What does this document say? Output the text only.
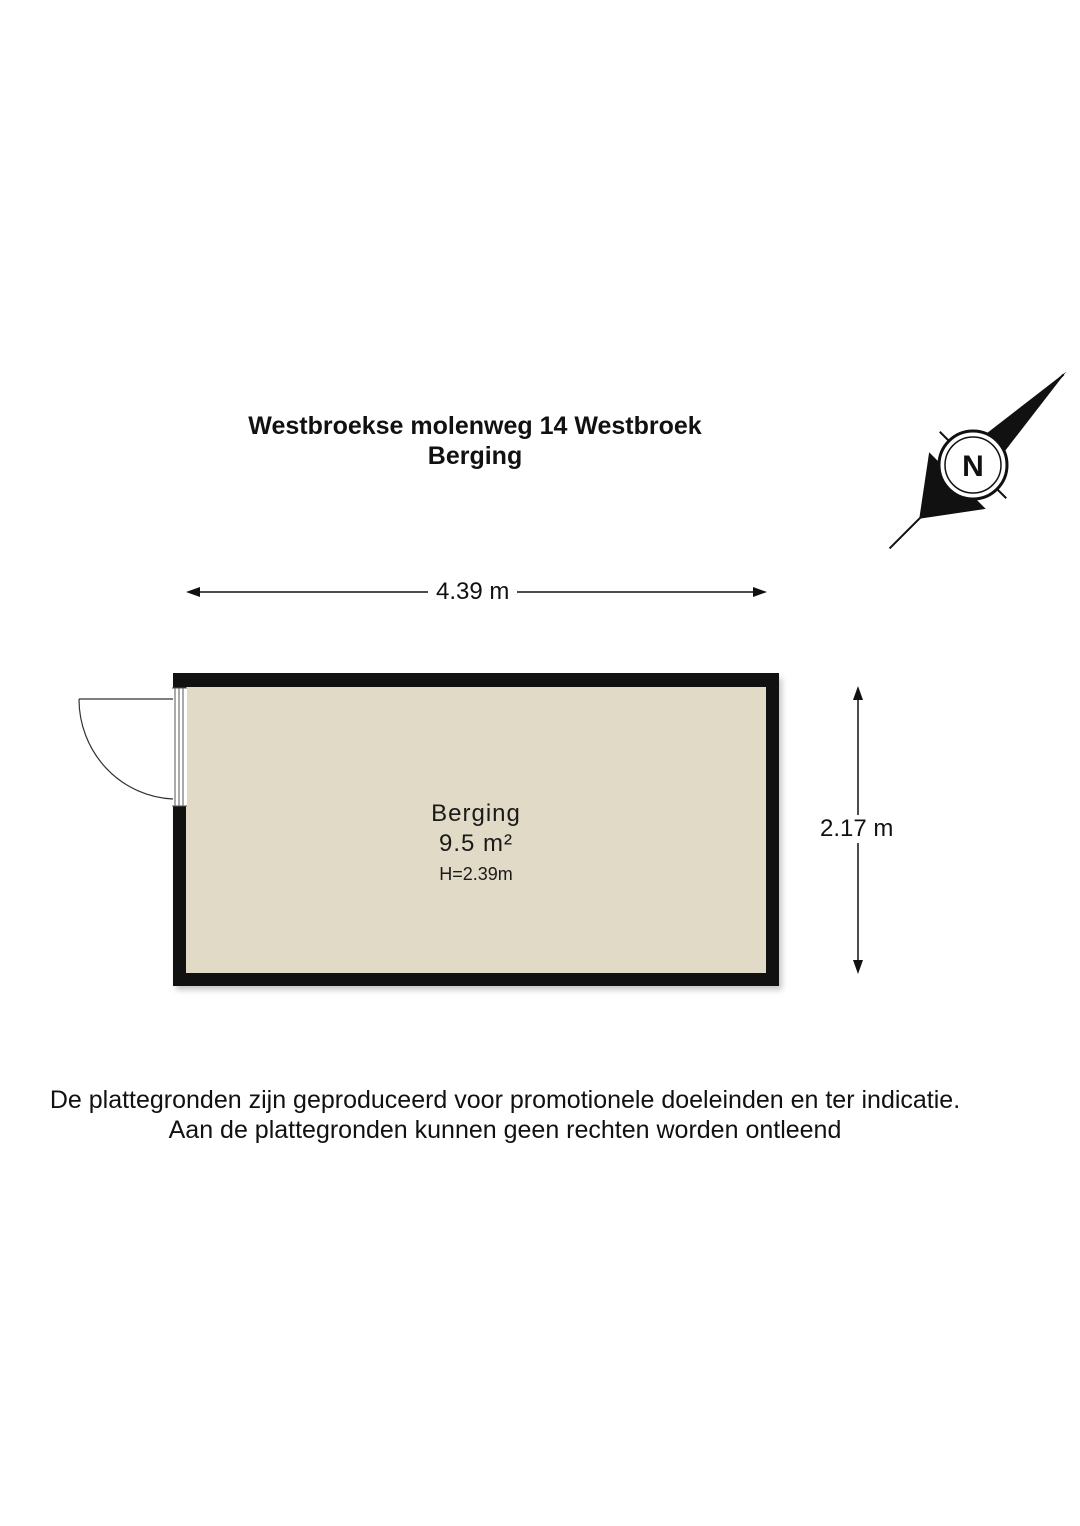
Westbroekse molenweg 14 Westbroek
Berging	N
4.39 m
2.17 m
Berging
9.5 m²
H=2.39m
De plattegronden zijn geproduceerd voor promotionele doeleinden en ter indicatie.
Aan de plattegronden kunnen geen rechten worden ontleend
